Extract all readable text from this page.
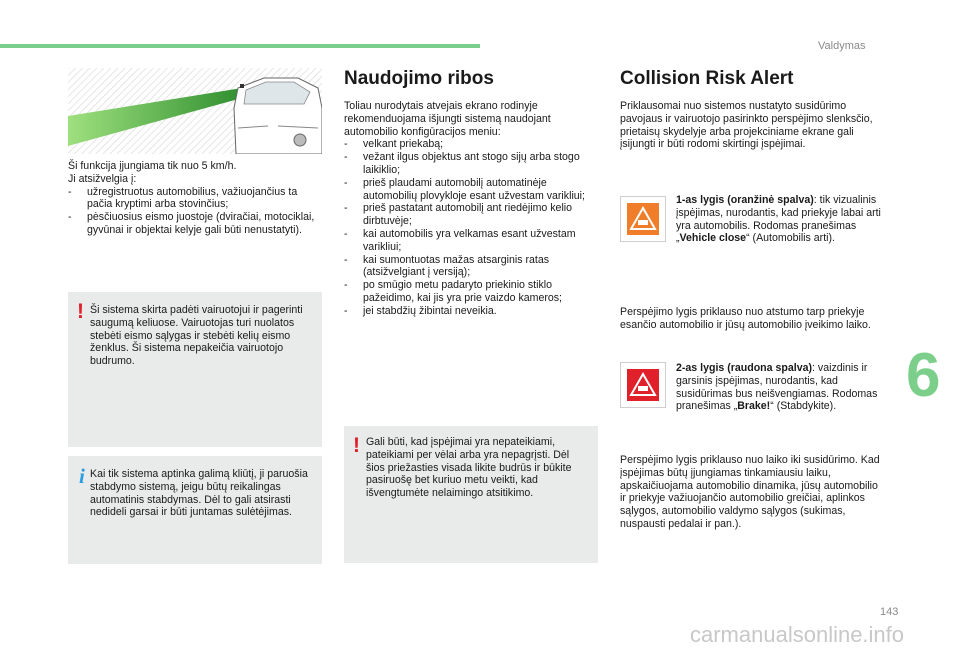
Valdymas

Ši funkcija įjungiama tik nuo 5 km/h.

Ji atsižvelgia į:

- užregistruotus automobilius, važiuojančius ta pačia kryptimi arba stovinčius;

- pėsčiuosius eismo juostoje (dviračiai, motociklai, gyvūnai ir objektai kelyje gali būti nenustatyti).

! Ši sistema skirta padėti vairuotojui ir pagerinti saugumą keliuose. Vairuotojas turi nuolatos stebėti eismo sąlygas ir stebėti kelių eismo ženklus. Ši sistema nepakeičia vairuotojo budrumo.
i Kai tik sistema aptinka galimą kliūtį, ji paruošia stabdymo sistemą, jeigu būtų reikalingas automatinis stabdymas. Dėl to gali atsirasti nedideli garsai ir būti juntamas sulėtėjimas.
Naudojimo ribos

Toliau nurodytais atvejais ekrano rodinyje rekomenduojama išjungti sistemą naudojant automobilio konfigūracijos meniu:

- velkant priekabą;

- vežant ilgus objektus ant stogo sijų arba stogo laikiklio;

- prieš plaudami automobilį automatinėje automobilių plovykloje esant užvestam varikliui;

- prieš pastatant automobilį ant riedėjimo kelio dirbtuvėje;

- kai automobilis yra velkamas esant užvestam varikliui;

- kai sumontuotas mažas atsarginis ratas (atsižvelgiant į versiją);

- po smūgio metu padaryto priekinio stiklo pažeidimo, kai jis yra prie vaizdo kameros;

- jei stabdžių žibintai neveikia.

! Gali būti, kad įspėjimai yra nepateikiami, pateikiami per vėlai arba yra nepagrįsti. Dėl šios priežasties visada likite budrūs ir būkite pasiruošę bet kuriuo metu veikti, kad išvengtumėte nelaimingo atsitikimo.
Collision Risk Alert
Priklausomai nuo sistemos nustatyto susidūrimo pavojaus ir vairuotojo pasirinkto perspėjimo slenksčio, prietaisų skydelyje arba projekciniame ekrane gali įsijungti ir būti rodomi skirtingi įspėjimai.
1-as lygis (oranžinė spalva): tik vizualinis įspėjimas, nurodantis, kad priekyje labai arti yra automobilis. Rodomas pranešimas „Vehicle close“ (Automobilis arti).
Perspėjimo lygis priklauso nuo atstumo tarp priekyje esančio automobilio ir jūsų automobilio įveikimo laiko.
2-as lygis (raudona spalva): vaizdinis ir garsinis įspėjimas, nurodantis, kad susidūrimas bus neišvengiamas. Rodomas pranešimas „Brake!“ (Stabdykite).
Perspėjimo lygis priklauso nuo laiko iki susidūrimo. Kad įspėjimas būtų įjungiamas tinkamiausiu laiku, apskaičiuojama automobilio dinamika, jūsų automobilio ir priekyje važiuojančio automobilio greičiai, aplinkos sąlygos, automobilio valdymo sąlygos (sukimas, nuspausti pedalai ir pan.).
6
143
carmanualsonline.info
